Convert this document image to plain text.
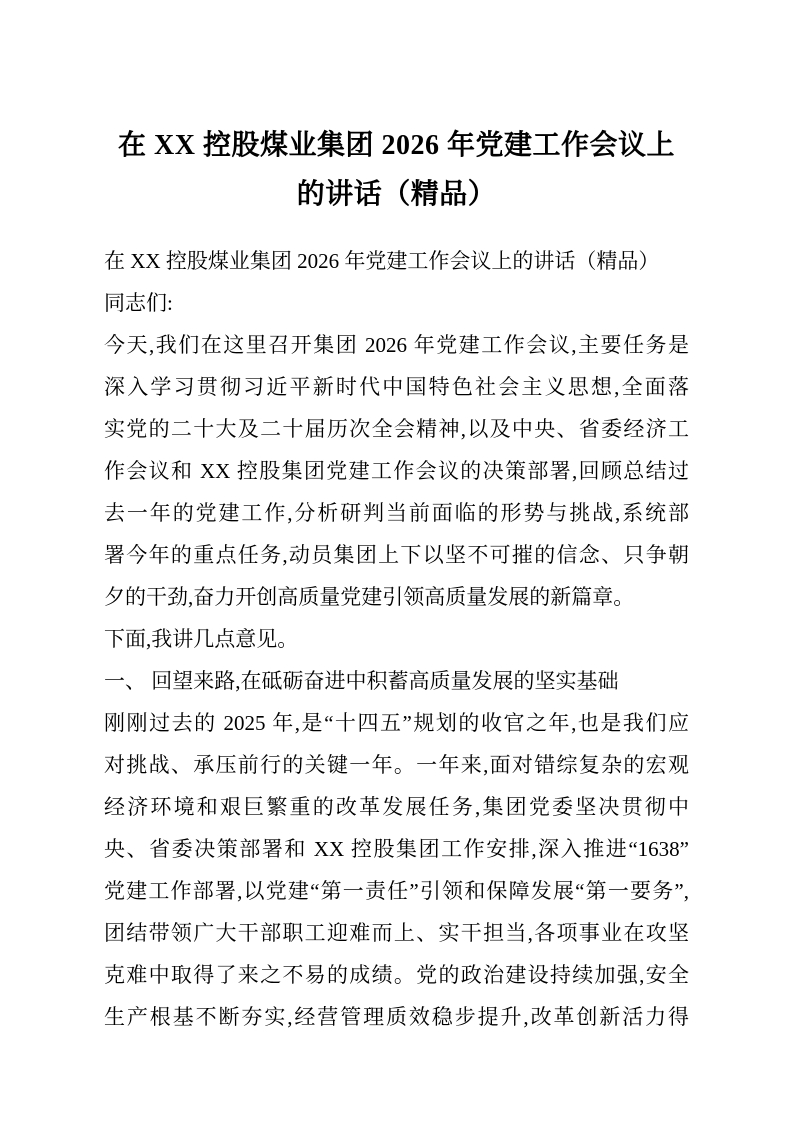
在 XX 控股煤业集团 2026 年党建工作会议上
的讲话（精品）
在 XX 控股煤业集团 2026 年党建工作会议上的讲话（精品）
同志们:
今天,我们在这里召开集团 2026 年党建工作会议,主要任务是
深入学习贯彻习近平新时代中国特色社会主义思想,全面落
实党的二十大及二十届历次全会精神,以及中央、省委经济工
作会议和 XX 控股集团党建工作会议的决策部署,回顾总结过
去一年的党建工作,分析研判当前面临的形势与挑战,系统部
署今年的重点任务,动员集团上下以坚不可摧的信念、只争朝
夕的干劲,奋力开创高质量党建引领高质量发展的新篇章。
下面,我讲几点意见。
一、 回望来路,在砥砺奋进中积蓄高质量发展的坚实基础
刚刚过去的 2025 年,是“十四五”规划的收官之年,也是我们应
对挑战、承压前行的关键一年。一年来,面对错综复杂的宏观
经济环境和艰巨繁重的改革发展任务,集团党委坚决贯彻中
央、省委决策部署和 XX 控股集团工作安排,深入推进“1638”
党建工作部署,以党建“第一责任”引领和保障发展“第一要务”,
团结带领广大干部职工迎难而上、实干担当,各项事业在攻坚
克难中取得了来之不易的成绩。党的政治建设持续加强,安全
生产根基不断夯实,经营管理质效稳步提升,改革创新活力得
